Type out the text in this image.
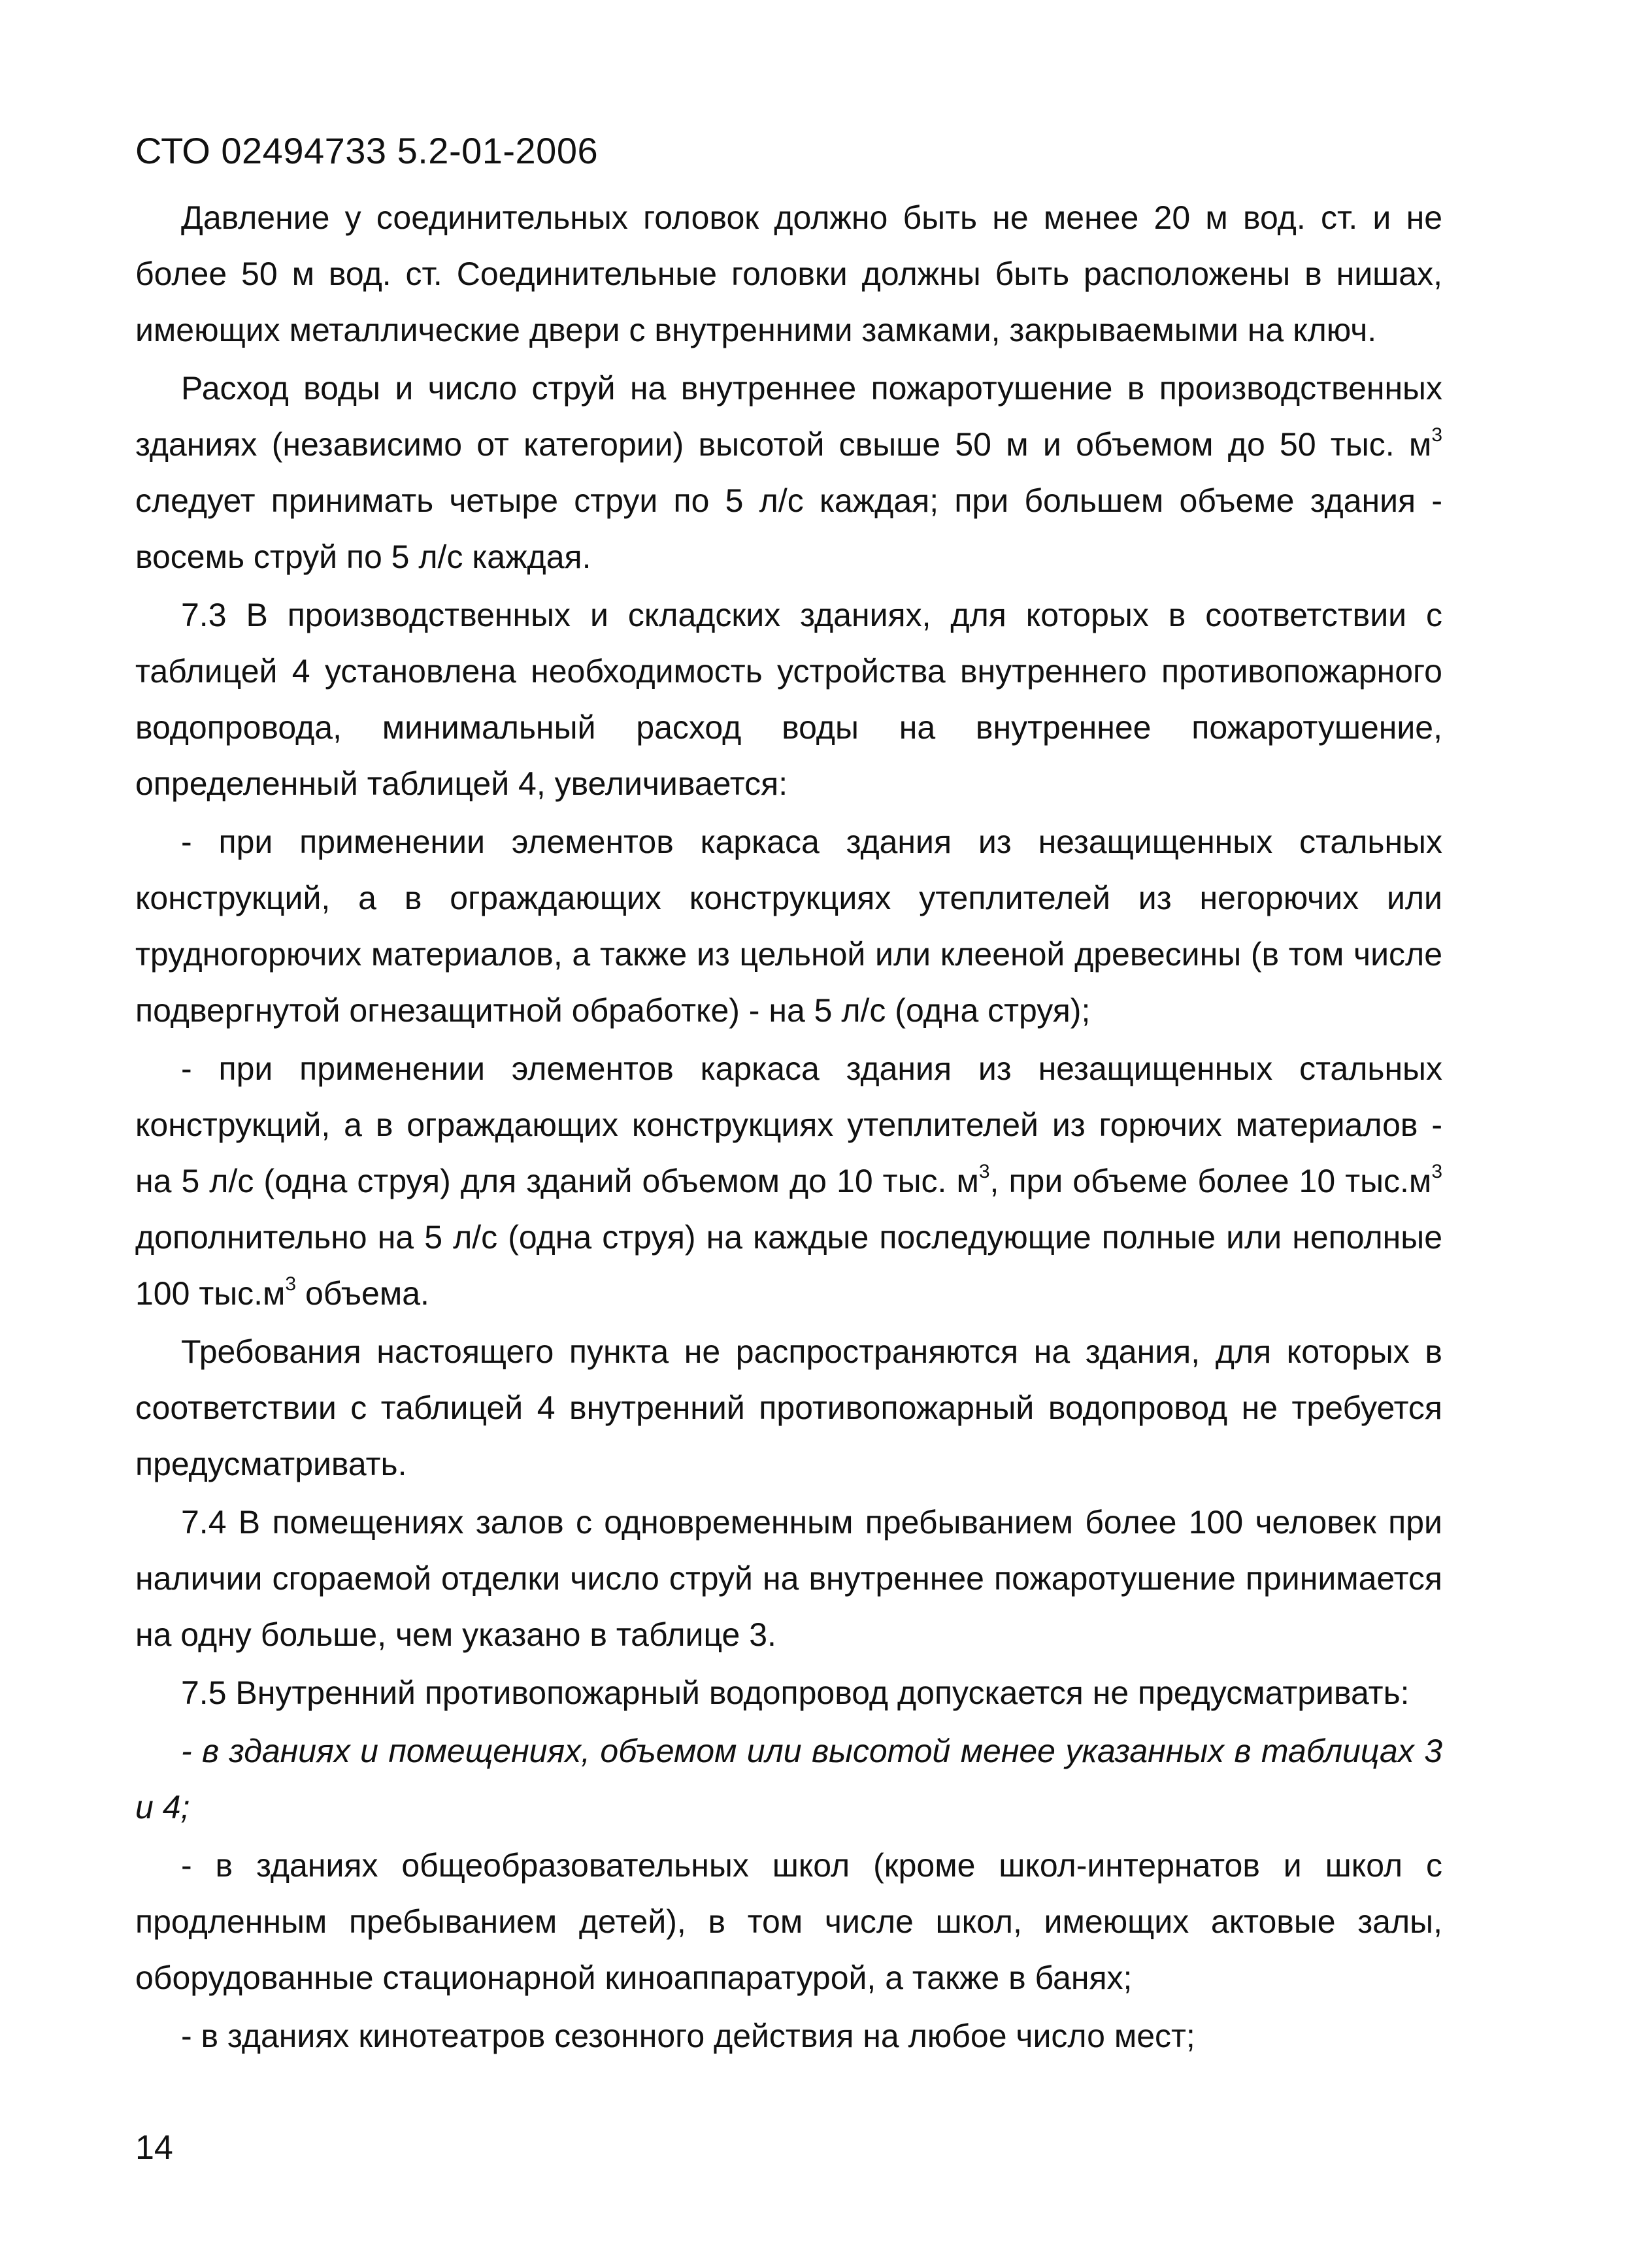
СТО 02494733 5.2-01-2006

Давление у соединительных головок должно быть не менее 20 м вод. ст. и не более 50 м вод. ст. Соединительные головки должны быть расположены в нишах, имеющих металлические двери с внутренними замками, закрываемыми на ключ.

Расход воды и число струй на внутреннее пожаротушение в производственных зданиях (независимо от категории) высотой свыше 50 м и объемом до 50 тыс. $м^3$ следует принимать четыре струи по 5 л/с каждая; при большем объеме здания - восемь струй по 5 л/с каждая.

7.3 В производственных и складских зданиях, для которых в соответствии с таблицей 4 установлена необходимость устройства внутреннего противопожарного водопровода, минимальный расход воды на внутреннее пожаротушение, определенный таблицей 4, увеличивается:

- при применении элементов каркаса здания из незащищенных стальных конструкций, а в ограждающих конструкциях утеплителей из негорючих или трудногорючих материалов, а также из цельной или клееной древесины (в том числе подвергнутой огнезащитной обработке) - на 5 л/с (одна струя);

- при применении элементов каркаса здания из незащищенных стальных конструкций, а в ограждающих конструкциях утеплителей из горючих материалов - на 5 л/с (одна струя) для зданий объемом до 10 тыс. $м^3$, при объеме более 10 $тыс.м^3$ дополнительно на 5 л/с (одна струя) на каждые последующие полные или неполные 100 $тыс.м^3$ объема.

Требования настоящего пункта не распространяются на здания, для которых в соответствии с таблицей 4 внутренний противопожарный водопровод не требуется предусматривать.

7.4 В помещениях залов с одновременным пребыванием более 100 человек при наличии сгораемой отделки число струй на внутреннее пожаротушение принимается на одну больше, чем указано в таблице 3.

7.5 Внутренний противопожарный водопровод допускается не предусматривать:

- в зданиях и помещениях, объемом или высотой менее указанных в таблицах 3 и 4;

- в зданиях общеобразовательных школ (кроме школ-интернатов и школ с продленным пребыванием детей), в том числе школ, имеющих актовые залы, оборудованные стационарной киноаппаратурой, а также в банях;

- в зданиях кинотеатров сезонного действия на любое число мест;

14
